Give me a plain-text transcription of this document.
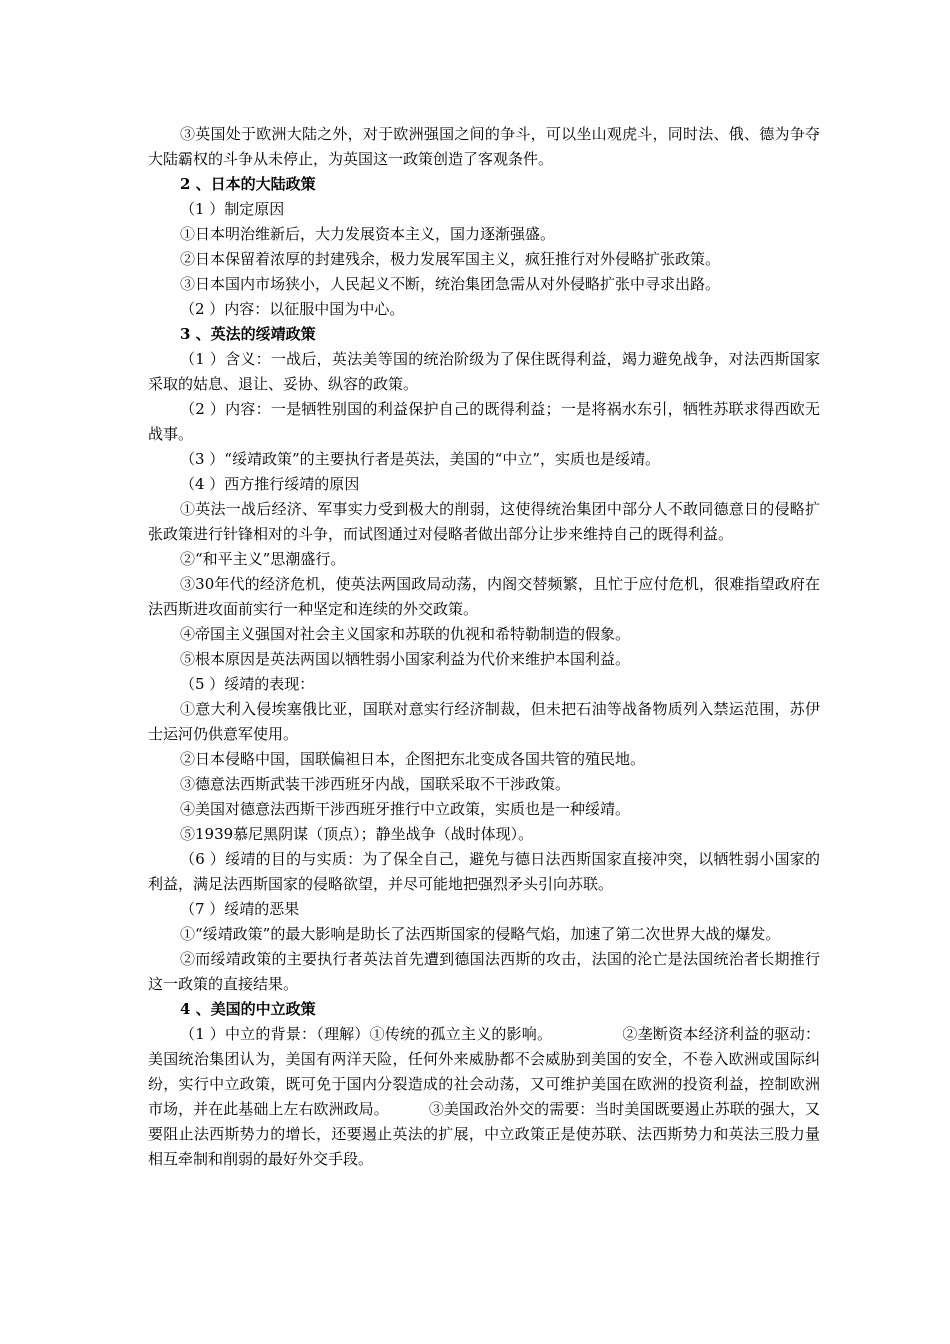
③英国处于欧洲大陆之外，对于欧洲强国之间的争斗，可以坐山观虎斗，同时法、俄、德为争夺大陆霸权的斗争从未停止，为英国这一政策创造了客观条件。

2 、日本的大陆政策

（1 ）制定原因

①日本明治维新后，大力发展资本主义，国力逐渐强盛。

②日本保留着浓厚的封建残余，极力发展军国主义，疯狂推行对外侵略扩张政策。

③日本国内市场狭小，人民起义不断，统治集团急需从对外侵略扩张中寻求出路。

（2 ）内容：以征服中国为中心。

3 、英法的绥靖政策

（1 ）含义：一战后，英法美等国的统治阶级为了保住既得利益，竭力避免战争，对法西斯国家采取的姑息、退让、妥协、纵容的政策。

（2 ）内容：一是牺牲别国的利益保护自己的既得利益；一是将祸水东引，牺牲苏联求得西欧无战事。

（3 ）“绥靖政策”的主要执行者是英法，美国的“中立”，实质也是绥靖。

（4 ）西方推行绥靖的原因

①英法一战后经济、军事实力受到极大的削弱，这使得统治集团中部分人不敢同德意日的侵略扩张政策进行针锋相对的斗争，而试图通过对侵略者做出部分让步来维持自己的既得利益。

②“和平主义”思潮盛行。

③30年代的经济危机，使英法两国政局动荡，内阁交替频繁，且忙于应付危机，很难指望政府在法西斯进攻面前实行一种坚定和连续的外交政策。

④帝国主义强国对社会主义国家和苏联的仇视和希特勒制造的假象。

⑤根本原因是英法两国以牺牲弱小国家利益为代价来维护本国利益。

（5 ）绥靖的表现：

①意大利入侵埃塞俄比亚，国联对意实行经济制裁，但未把石油等战备物质列入禁运范围，苏伊士运河仍供意军使用。

②日本侵略中国，国联偏袒日本，企图把东北变成各国共管的殖民地。

③德意法西斯武装干涉西班牙内战，国联采取不干涉政策。

④美国对德意法西斯干涉西班牙推行中立政策，实质也是一种绥靖。

⑤1939慕尼黑阴谋（顶点）；静坐战争（战时体现）。

（6 ）绥靖的目的与实质：为了保全自己，避免与德日法西斯国家直接冲突，以牺牲弱小国家的利益，满足法西斯国家的侵略欲望，并尽可能地把强烈矛头引向苏联。

（7 ）绥靖的恶果

①“绥靖政策”的最大影响是助长了法西斯国家的侵略气焰，加速了第二次世界大战的爆发。

②而绥靖政策的主要执行者英法首先遭到德国法西斯的攻击，法国的沦亡是法国统治者长期推行这一政策的直接结果。

4 、美国的中立政策

（1 ）中立的背景：（理解）①传统的孤立主义的影响。	②垄断资本经济利益的驱动：美国统治集团认为，美国有两洋天险，任何外来威胁都不会威胁到美国的安全，不卷入欧洲或国际纠纷，实行中立政策，既可免于国内分裂造成的社会动荡，又可维护美国在欧洲的投资利益，控制欧洲市场，并在此基础上左右欧洲政局。	③美国政治外交的需要：当时美国既要遏止苏联的强大，又要阻止法西斯势力的增长，还要遏止英法的扩展，中立政策正是使苏联、法西斯势力和英法三股力量相互牵制和削弱的最好外交手段。
